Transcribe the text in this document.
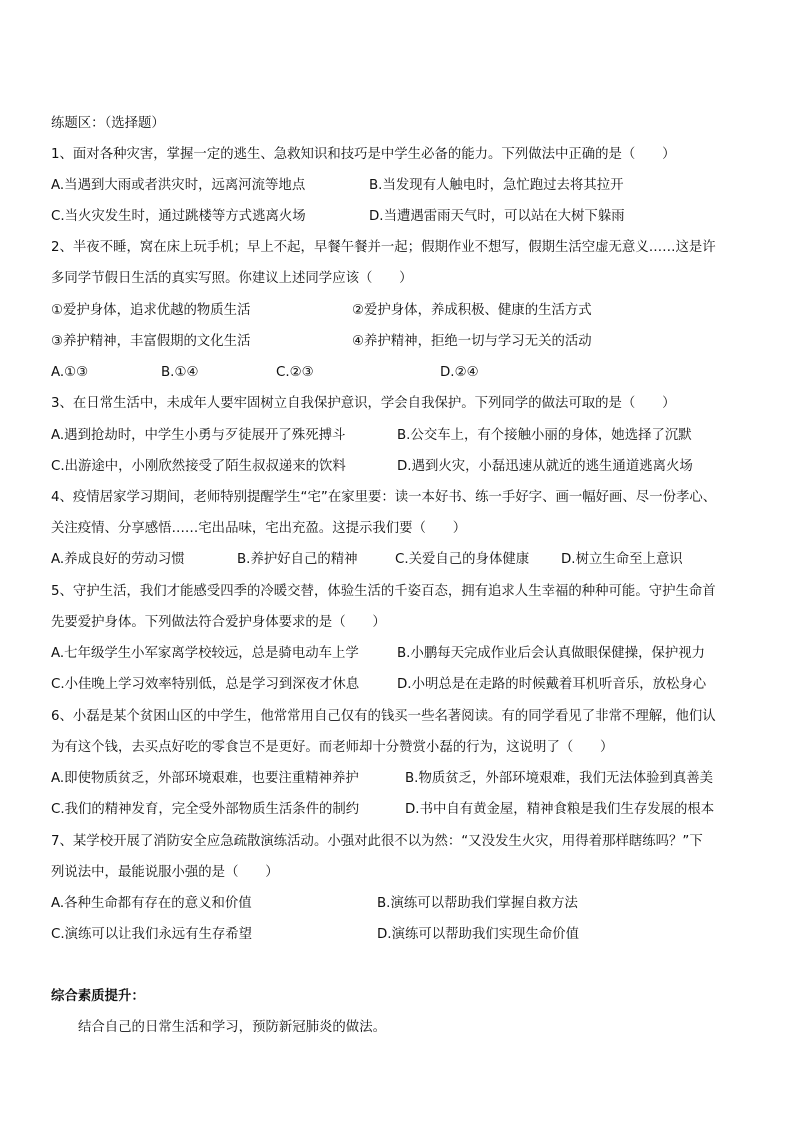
练题区：（选择题）
1、面对各种灾害，掌握一定的逃生、急救知识和技巧是中学生必备的能力。下列做法中正确的是（　　）
A.当遇到大雨或者洪灾时，远离河流等地点	B.当发现有人触电时，急忙跑过去将其拉开
C.当火灾发生时，通过跳楼等方式逃离火场	D.当遭遇雷雨天气时，可以站在大树下躲雨
2、半夜不睡，窝在床上玩手机；早上不起，早餐午餐并一起；假期作业不想写，假期生活空虚无意义……这是许
多同学节假日生活的真实写照。你建议上述同学应该（　　）
①爱护身体，追求优越的物质生活	②爱护身体，养成积极、健康的生活方式
③养护精神，丰富假期的文化生活	④养护精神，拒绝一切与学习无关的活动
A.①③	B.①④	C.②③	D.②④
3、在日常生活中，未成年人要牢固树立自我保护意识，学会自我保护。下列同学的做法可取的是（　　）
A.遇到抢劫时，中学生小勇与歹徒展开了殊死搏斗	B.公交车上，有个接触小丽的身体，她选择了沉默
C.出游途中，小刚欣然接受了陌生叔叔递来的饮料	D.遇到火灾，小磊迅速从就近的逃生通道逃离火场
4、疫情居家学习期间，老师特别提醒学生“宅”在家里要：读一本好书、练一手好字、画一幅好画、尽一份孝心、
关注疫情、分享感悟……宅出品味，宅出充盈。这提示我们要（　　）
A.养成良好的劳动习惯	B.养护好自己的精神	C.关爱自己的身体健康 D.树立生命至上意识
5、守护生活，我们才能感受四季的冷暖交替，体验生活的千姿百态，拥有追求人生幸福的种种可能。守护生命首
先要爱护身体。下列做法符合爱护身体要求的是（　　）
A.七年级学生小军家离学校较远，总是骑电动车上学	B.小鹏每天完成作业后会认真做眼保健操，保护视力
C.小佳晚上学习效率特别低，总是学习到深夜才休息	D.小明总是在走路的时候戴着耳机听音乐，放松身心
6、小磊是某个贫困山区的中学生，他常常用自己仅有的钱买一些名著阅读。有的同学看见了非常不理解，他们认
为有这个钱，去买点好吃的零食岂不是更好。而老师却十分赞赏小磊的行为，这说明了（　　）
A.即使物质贫乏，外部环境艰难，也要注重精神养护	B.物质贫乏，外部环境艰难，我们无法体验到真善美
C.我们的精神发育，完全受外部物质生活条件的制约	D.书中自有黄金屋，精神食粮是我们生存发展的根本
7、某学校开展了消防安全应急疏散演练活动。小强对此很不以为然：“又没发生火灾，用得着那样瞎练吗？”下
列说法中，最能说服小强的是（　　）
A.各种生命都有存在的意义和价值	B.演练可以帮助我们掌握自救方法
C.演练可以让我们永远有生存希望	D.演练可以帮助我们实现生命价值
综合素质提升：
结合自己的日常生活和学习，预防新冠肺炎的做法。
